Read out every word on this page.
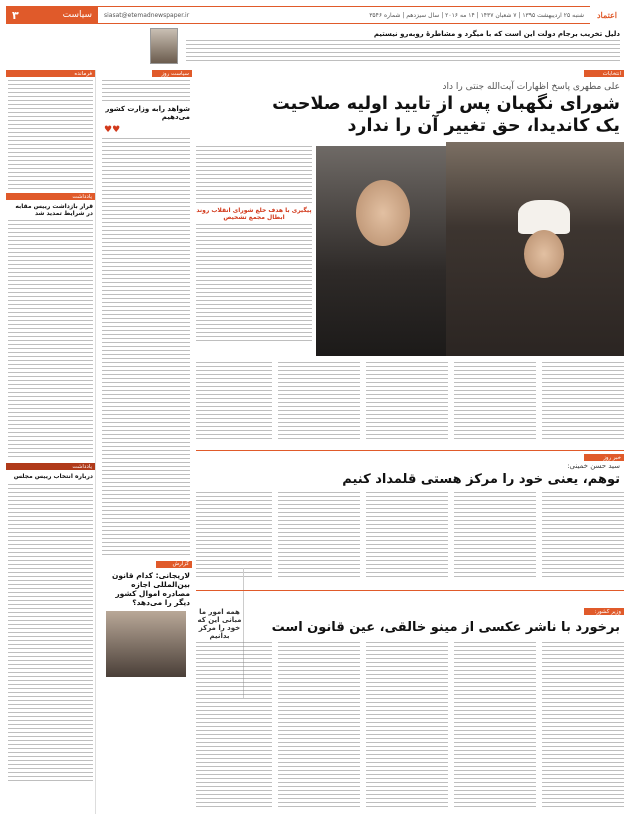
۳	سیاست siasat@etemadnewspaper.ir	شنبه ۲۵ اردیبهشت ۱۳۹۵ | ۷ شعبان ۱۴۳۷ | ۱۴ مه ۲۰۱۶ | سال سیزدهم | شماره ۳۵۴۶	اعتماد
دلیل تخریب برجام دولت این است که با میگرد و مشاطرهٔ روبه‌رو نیستیم
فرمانده
یادداشت
قرار بازداشت رییس مقابه در شرایط تمدید شد
یادداشت
درباره انتخاب رییس مجلس
سیاست روز
شواهد رابه وزارت کشور می‌دهیم
♥♥
گزارش
لاریجانی: کدام قانون بین‌المللی اجازه مصادره اموال کشور دیگر را می‌دهد؟
انتخابات
علی مطهری پاسخ اظهارات آیت‌الله جنتی را داد
شورای نگهبان پس از تایید اولیه صلاحیت
یک کاندیدا، حق تغییر آن را ندارد
پیگیری با هدف خلع شورای انقلاب روند ابطال مجمع تشخیص
خبر روز
سید حسن خمینی:
توهم، یعنی خود را مرکز هستی قلمداد کنیم
همه امور ما مبانی این که خود را مرکز بدانیم
وزیر کشور:
برخورد با ناشر عکسی از مینو خالقی، عین قانون است
